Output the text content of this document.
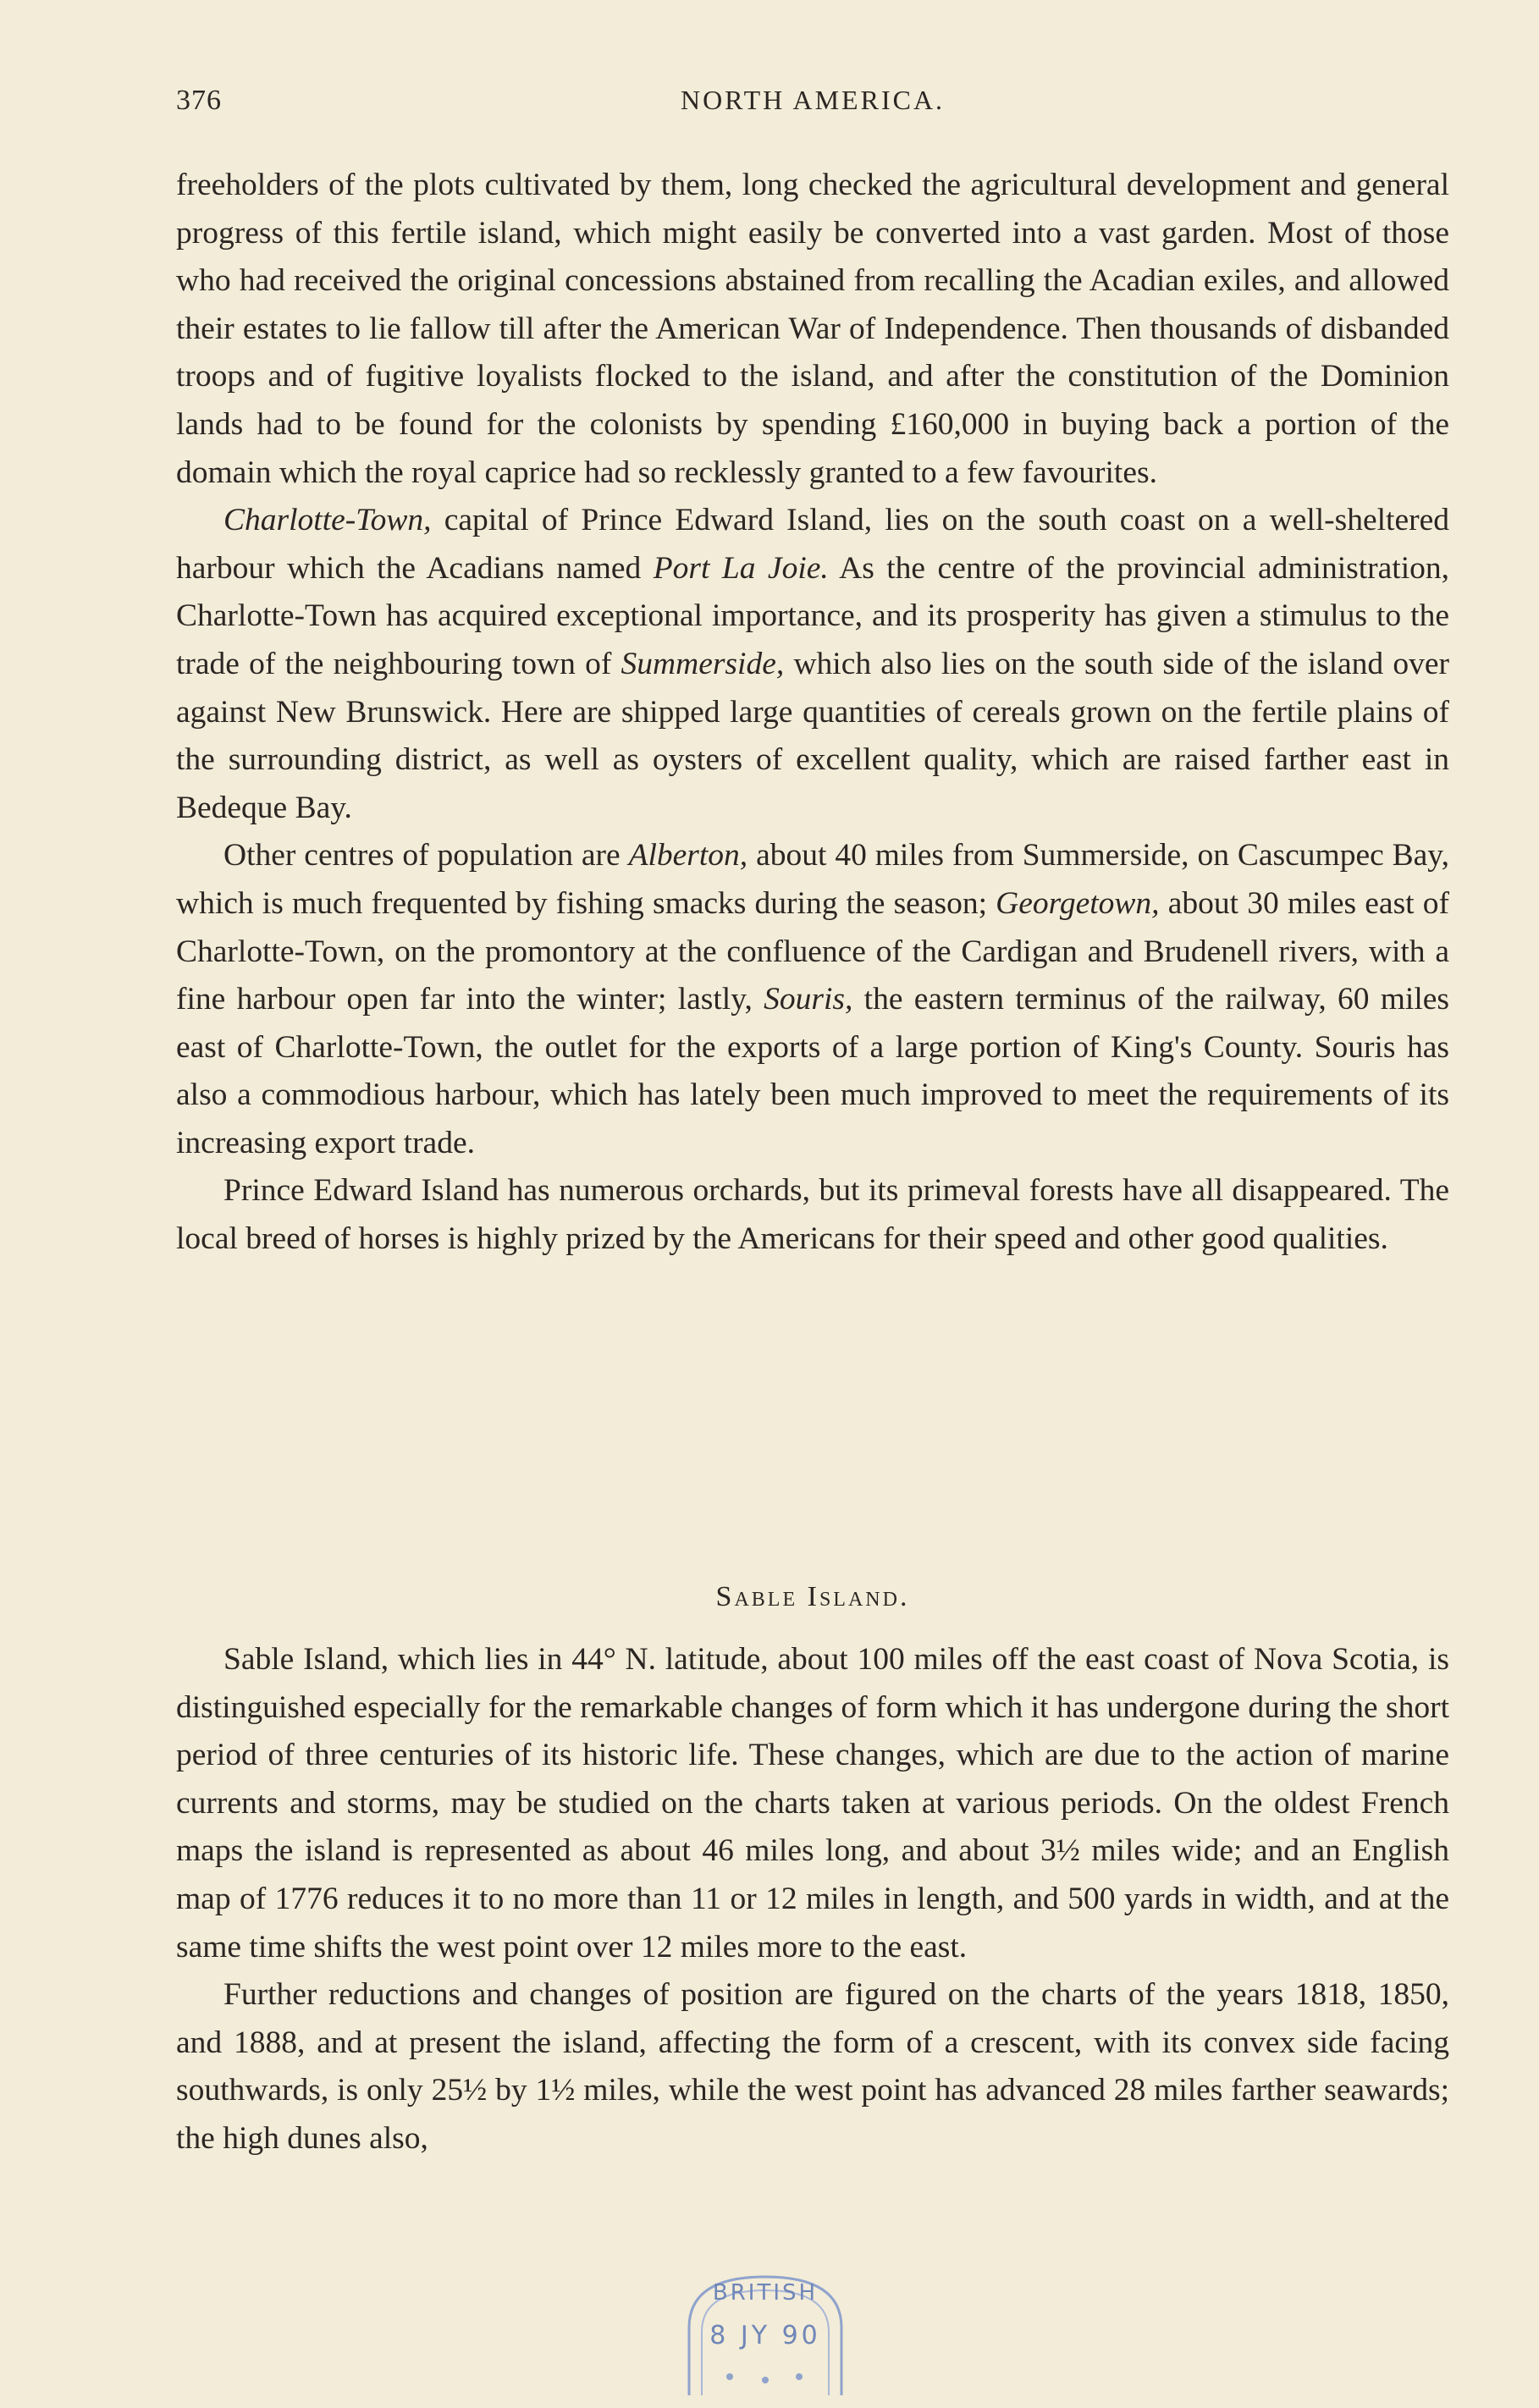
376	NORTH AMERICA.

freeholders of the plots cultivated by them, long checked the agricultural development and general progress of this fertile island, which might easily be converted into a vast garden. Most of those who had received the original concessions abstained from recalling the Acadian exiles, and allowed their estates to lie fallow till after the American War of Independence. Then thousands of disbanded troops and of fugitive loyalists flocked to the island, and after the constitution of the Dominion lands had to be found for the colonists by spending £160,000 in buying back a portion of the domain which the royal caprice had so recklessly granted to a few favourites.

Charlotte-Town, capital of Prince Edward Island, lies on the south coast on a well-sheltered harbour which the Acadians named Port La Joie. As the centre of the provincial administration, Charlotte-Town has acquired exceptional importance, and its prosperity has given a stimulus to the trade of the neighbouring town of Summerside, which also lies on the south side of the island over against New Brunswick. Here are shipped large quantities of cereals grown on the fertile plains of the surrounding district, as well as oysters of excellent quality, which are raised farther east in Bedeque Bay.

Other centres of population are Alberton, about 40 miles from Summerside, on Cascumpec Bay, which is much frequented by fishing smacks during the season; Georgetown, about 30 miles east of Charlotte-Town, on the promontory at the confluence of the Cardigan and Brudenell rivers, with a fine harbour open far into the winter; lastly, Souris, the eastern terminus of the railway, 60 miles east of Charlotte-Town, the outlet for the exports of a large portion of King's County. Souris has also a commodious harbour, which has lately been much improved to meet the requirements of its increasing export trade.

Prince Edward Island has numerous orchards, but its primeval forests have all disappeared. The local breed of horses is highly prized by the Americans for their speed and other good qualities.

Sable Island.

Sable Island, which lies in 44° N. latitude, about 100 miles off the east coast of Nova Scotia, is distinguished especially for the remarkable changes of form which it has undergone during the short period of three centuries of its historic life. These changes, which are due to the action of marine currents and storms, may be studied on the charts taken at various periods. On the oldest French maps the island is represented as about 46 miles long, and about 3½ miles wide; and an English map of 1776 reduces it to no more than 11 or 12 miles in length, and 500 yards in width, and at the same time shifts the west point over 12 miles more to the east.

Further reductions and changes of position are figured on the charts of the years 1818, 1850, and 1888, and at present the island, affecting the form of a crescent, with its convex side facing southwards, is only 25½ by 1½ miles, while the west point has advanced 28 miles farther seawards; the high dunes also,

BRITISH
8 JY 90
